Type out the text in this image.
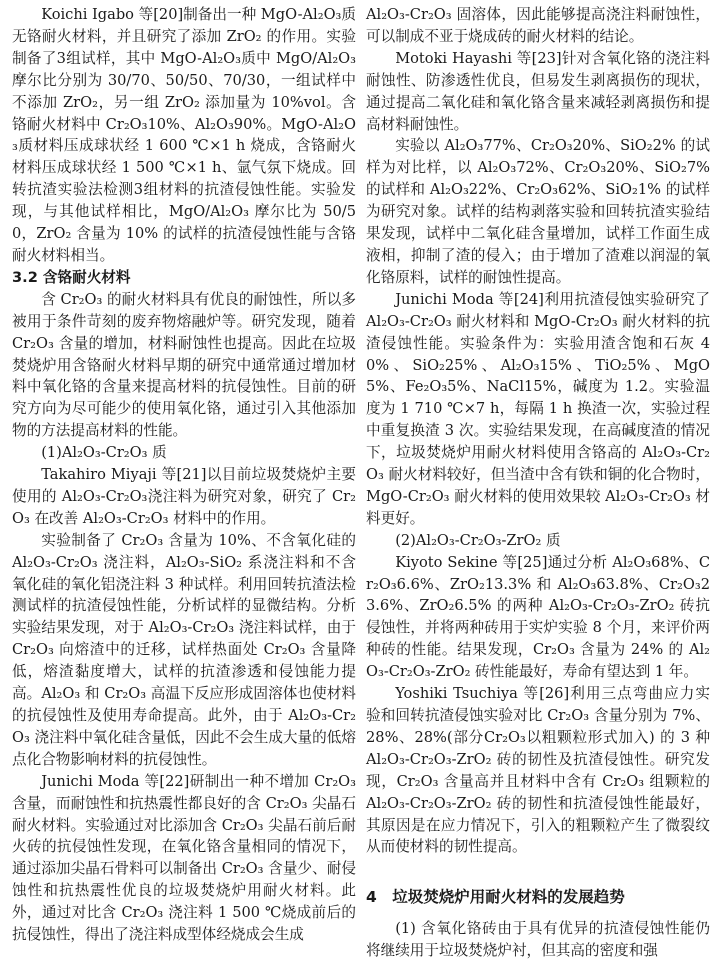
Koichi Igabo 等[20]制备出一种 MgO-Al₂O₃质无铬耐火材料，并且研究了添加 ZrO₂ 的作用。实验制备了3组试样，其中 MgO-Al₂O₃质中 MgO/Al₂O₃摩尔比分别为 30/70、50/50、70/30，一组试样中不添加 ZrO₂，另一组 ZrO₂ 添加量为 10%vol。含铬耐火材料中 Cr₂O₃10%、Al₂O₃90%。MgO-Al₂O₃质材料压成球状经 1 600 ℃×1 h 烧成，含铬耐火材料压成球状经 1 500 ℃×1 h、氩气氛下烧成。回转抗渣实验法检测3组材料的抗渣侵蚀性能。实验发现，与其他试样相比，MgO/Al₂O₃ 摩尔比为 50/50，ZrO₂ 含量为 10% 的试样的抗渣侵蚀性能与含铬耐火材料相当。

3.2 含铬耐火材料

含 Cr₂O₃ 的耐火材料具有优良的耐蚀性，所以多被用于条件苛刻的废弃物熔融炉等。研究发现，随着 Cr₂O₃ 含量的增加，材料耐蚀性也提高。因此在垃圾焚烧炉用含铬耐火材料早期的研究中通常通过增加材料中氧化铬的含量来提高材料的抗侵蚀性。目前的研究方向为尽可能少的使用氧化铬，通过引入其他添加物的方法提高材料的性能。

(1)Al₂O₃-Cr₂O₃ 质

Takahiro Miyaji 等[21]以目前垃圾焚烧炉主要使用的 Al₂O₃-Cr₂O₃浇注料为研究对象，研究了 Cr₂O₃ 在改善 Al₂O₃-Cr₂O₃ 材料中的作用。

实验制备了 Cr₂O₃ 含量为 10%、不含氧化硅的 Al₂O₃-Cr₂O₃ 浇注料，Al₂O₃-SiO₂ 系浇注料和不含氧化硅的氧化铝浇注料 3 种试样。利用回转抗渣法检测试样的抗渣侵蚀性能，分析试样的显微结构。分析实验结果发现，对于 Al₂O₃-Cr₂O₃ 浇注料试样，由于 Cr₂O₃ 向熔渣中的迁移，试样热面处 Cr₂O₃ 含量降低，熔渣黏度增大，试样的抗渣渗透和侵蚀能力提高。Al₂O₃ 和 Cr₂O₃ 高温下反应形成固溶体也使材料的抗侵蚀性及使用寿命提高。此外，由于 Al₂O₃-Cr₂O₃ 浇注料中氧化硅含量低，因此不会生成大量的低熔点化合物影响材料的抗侵蚀性。

Junichi Moda 等[22]研制出一种不增加 Cr₂O₃ 含量，而耐蚀性和抗热震性都良好的含 Cr₂O₃ 尖晶石耐火材料。实验通过对比添加含 Cr₂O₃ 尖晶石前后耐火砖的抗侵蚀性发现，在氧化铬含量相同的情况下，通过添加尖晶石骨料可以制备出 Cr₂O₃ 含量少、耐侵蚀性和抗热震性优良的垃圾焚烧炉用耐火材料。此外，通过对比含 Cr₂O₃ 浇注料 1 500 ℃烧成前后的抗侵蚀性，得出了浇注料成型体经烧成会生成

Al₂O₃-Cr₂O₃ 固溶体，因此能够提高浇注料耐蚀性，可以制成不亚于烧成砖的耐火材料的结论。

Motoki Hayashi 等[23]针对含氧化铬的浇注料耐蚀性、防渗透性优良，但易发生剥离损伤的现状，通过提高二氧化硅和氧化铬含量来减轻剥离损伤和提高材料耐蚀性。

实验以 Al₂O₃77%、Cr₂O₃20%、SiO₂2% 的试样为对比样，以 Al₂O₃72%、Cr₂O₃20%、SiO₂7% 的试样和 Al₂O₃22%、Cr₂O₃62%、SiO₂1% 的试样为研究对象。试样的结构剥落实验和回转抗渣实验结果发现，试样中二氧化硅含量增加，试样工作面生成液相，抑制了渣的侵入；由于增加了渣难以润湿的氧化铬原料，试样的耐蚀性提高。

Junichi Moda 等[24]利用抗渣侵蚀实验研究了 Al₂O₃-Cr₂O₃ 耐火材料和 MgO-Cr₂O₃ 耐火材料的抗渣侵蚀性能。实验条件为：实验用渣含饱和石灰 40%、SiO₂25%、Al₂O₃15%、TiO₂5%、MgO5%、Fe₂O₃5%、NaCl15%，碱度为 1.2。实验温度为 1 710 ℃×7 h，每隔 1 h 换渣一次，实验过程中重复换渣 3 次。实验结果发现，在高碱度渣的情况下，垃圾焚烧炉用耐火材料使用含铬高的 Al₂O₃-Cr₂O₃ 耐火材料较好，但当渣中含有铁和铜的化合物时，MgO-Cr₂O₃ 耐火材料的使用效果较 Al₂O₃-Cr₂O₃ 材料更好。

(2)Al₂O₃-Cr₂O₃-ZrO₂ 质

Kiyoto Sekine 等[25]通过分析 Al₂O₃68%、Cr₂O₃6.6%、ZrO₂13.3% 和 Al₂O₃63.8%、Cr₂O₃23.6%、ZrO₂6.5% 的两种 Al₂O₃-Cr₂O₃-ZrO₂ 砖抗侵蚀性，并将两种砖用于实炉实验 8 个月，来评价两种砖的性能。结果发现，Cr₂O₃ 含量为 24% 的 Al₂O₃-Cr₂O₃-ZrO₂ 砖性能最好，寿命有望达到 1 年。

Yoshiki Tsuchiya 等[26]利用三点弯曲应力实验和回转抗渣侵蚀实验对比 Cr₂O₃ 含量分别为 7%、28%、28%(部分Cr₂O₃以粗颗粒形式加入) 的 3 种 Al₂O₃-Cr₂O₃-ZrO₂ 砖的韧性及抗渣侵蚀性。研究发现，Cr₂O₃ 含量高并且材料中含有 Cr₂O₃ 组颗粒的 Al₂O₃-Cr₂O₃-ZrO₂ 砖的韧性和抗渣侵蚀性能最好，其原因是在应力情况下，引入的粗颗粒产生了微裂纹从而使材料的韧性提高。

4　垃圾焚烧炉用耐火材料的发展趋势

(1) 含氧化铬砖由于具有优异的抗渣侵蚀性能仍将继续用于垃圾焚烧炉衬，但其高的密度和强
